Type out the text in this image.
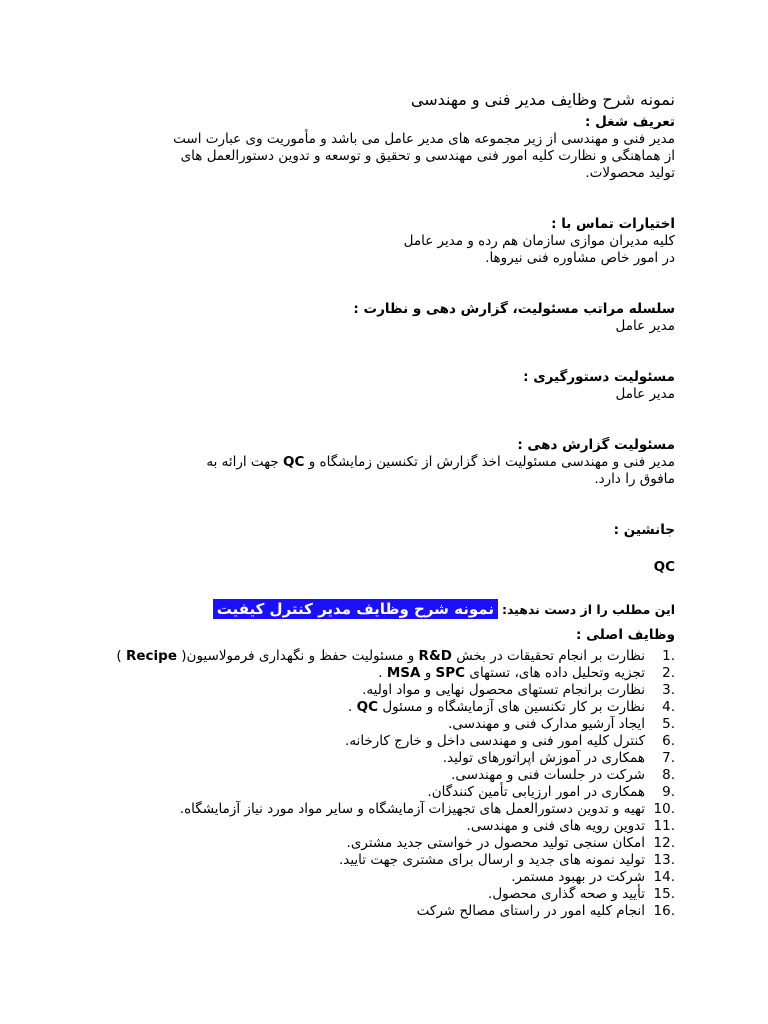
نمونه شرح وظایف مدیر فنی و مهندسی
تعریف شغل :
مدیر فنی و مهندسی از زیر مجموعه های مدیر عامل می باشد و مأموریت وی عبارت است
از هماهنگی و نظارت کلیه امور فنی مهندسی و تحقیق و توسعه و تدوین دستورالعمل های
تولید محصولات.
اختیارات تماس با :
کلیه مدیران موازی سازمان هم رده و مدیر عامل
در امور خاص مشاوره فنی نیروها.
سلسله مراتب مسئولیت، گزارش دهی و نظارت :
مدیر عامل
مسئولیت دستورگیری :
مدیر عامل
مسئولیت گزارش دهی :
مدیر فنی و مهندسی مسئولیت اخذ گزارش از تکنسین زمایشگاه و QC جهت ارائه به
مافوق را دارد.
جانشین :
QC
این مطلب را از دست ندهید: نمونه شرح وظایف مدیر کنترل کیفیت
وظایف اصلی :
1.
نظارت بر انجام تحقیقات در بخش R&D و مسئولیت حفظ و نگهداری فرمولاسیون( Recipe )
2.
تجزیه وتحلیل داده های، تستهای SPC و MSA .
3.
نظارت برانجام تستهای محصول نهایی و مواد اولیه.
4.
نظارت بر کار تکنسین های آزمایشگاه و مسئول QC .
5.
ایجاد آرشیو مدارک فنی و مهندسی.
6.
کنترل کلیه امور فنی و مهندسی داخل و خارج کارخانه.
7.
همکاری در آموزش اپراتورهای تولید.
8.
شرکت در جلسات فنی و مهندسی.
9.
همکاری در امور ارزیابی تأمین کنندگان.
10.
تهیه و تدوین دستورالعمل های تجهیزات آزمایشگاه و سایر مواد مورد نیاز آزمایشگاه.
11.
تدوین رویه های فنی و مهندسی.
12.
امکان سنجی تولید محصول در خواستی جدید مشتری.
13.
تولید نمونه های جدید و ارسال برای مشتری جهت تایید.
14.
شرکت در بهبود مستمر.
15.
تأیید و صحه گذاری محصول.
16.
انجام کلیه امور در راستای مصالح شرکت
